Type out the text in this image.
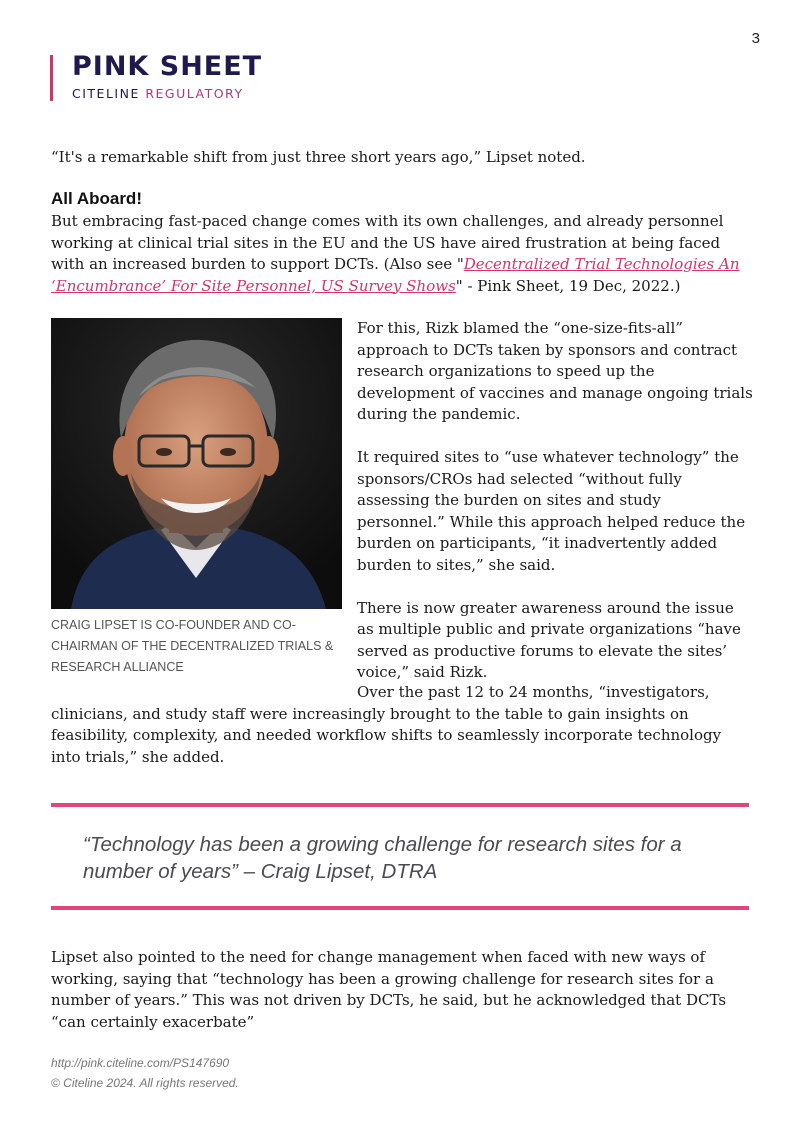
3
PINK SHEET
CITELINE REGULATORY
“It's a remarkable shift from just three short years ago,” Lipset noted.
All Aboard!
But embracing fast-paced change comes with its own challenges, and already personnel working at clinical trial sites in the EU and the US have aired frustration at being faced with an increased burden to support DCTs. (Also see "Decentralized Trial Technologies An ‘Encumbrance’ For Site Personnel, US Survey Shows" - Pink Sheet, 19 Dec, 2022.)
CRAIG LIPSET IS CO-FOUNDER AND CO-CHAIRMAN OF THE DECENTRALIZED TRIALS & RESEARCH ALLIANCE

For this, Rizk blamed the “one-size-fits-all” approach to DCTs taken by sponsors and contract research organizations to speed up the development of vaccines and manage ongoing trials during the pandemic.

It required sites to “use whatever technology” the sponsors/CROs had selected “without fully assessing the burden on sites and study personnel.” While this approach helped reduce the burden on participants, “it inadvertently added burden to sites,” she said.

There is now greater awareness around the issue as multiple public and private organizations “have served as productive forums to elevate the sites’ voice,” said Rizk.

Over the past 12 to 24 months, “investigators, clinicians, and study staff were increasingly brought to the table to gain insights on feasibility, complexity, and needed workflow shifts to seamlessly incorporate technology into trials,” she added.
“Technology has been a growing challenge for research sites for a number of years” – Craig Lipset, DTRA
Lipset also pointed to the need for change management when faced with new ways of working, saying that “technology has been a growing challenge for research sites for a number of years.” This was not driven by DCTs, he said, but he acknowledged that DCTs “can certainly exacerbate”
http://pink.citeline.com/PS147690
© Citeline 2024. All rights reserved.
